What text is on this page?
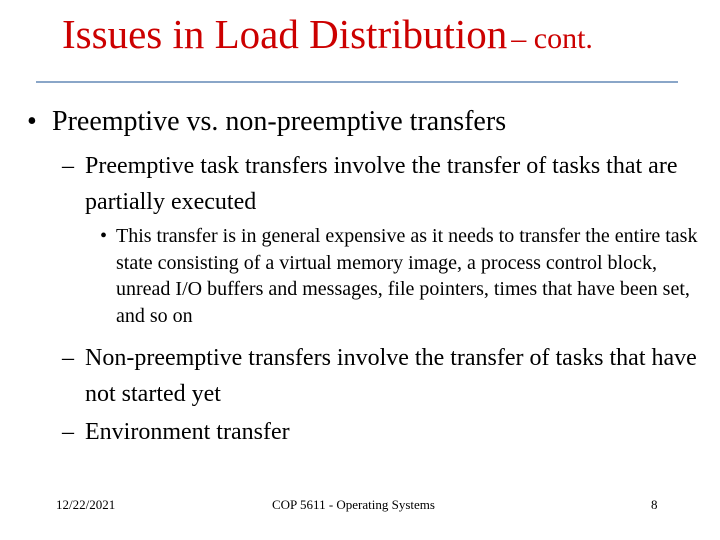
Issues in Load Distribution – cont.
• Preemptive vs. non-preemptive transfers
– Preemptive task transfers involve the transfer of tasks that are partially executed
• This transfer is in general expensive as it needs to transfer the entire task state consisting of a virtual memory image, a process control block, unread I/O buffers and messages, file pointers, times that have been set, and so on
– Non-preemptive transfers involve the transfer of tasks that have not started yet
– Environment transfer
12/22/2021	COP 5611 - Operating Systems	8
